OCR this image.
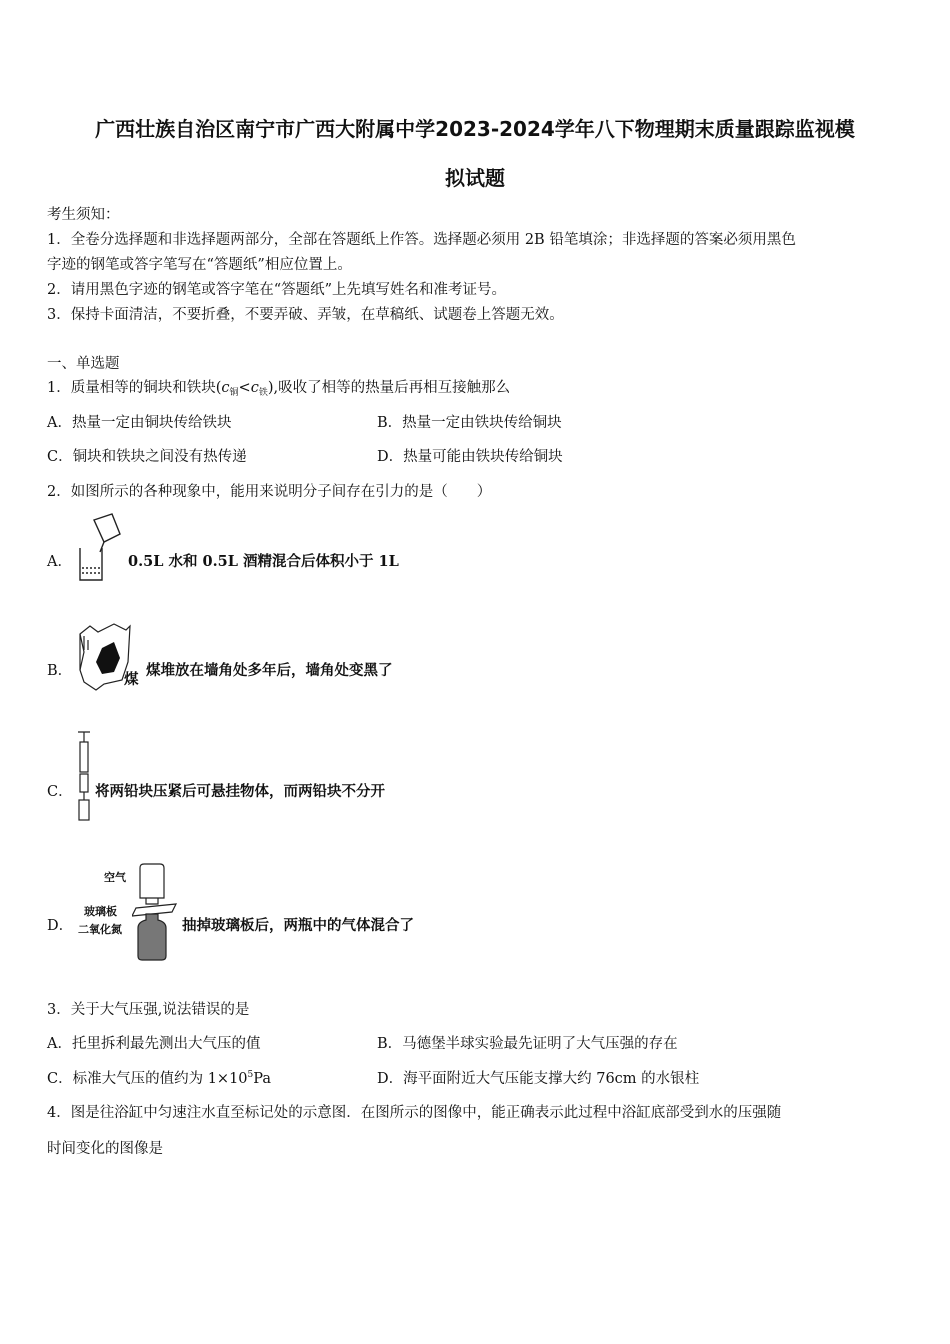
广西壮族自治区南宁市广西大附属中学2023-2024学年八下物理期末质量跟踪监视模
拟试题
考生须知：
1．全卷分选择题和非选择题两部分，全部在答题纸上作答。选择题必须用 2B 铅笔填涂；非选择题的答案必须用黑色
字迹的钢笔或答字笔写在“答题纸”相应位置上。
2．请用黑色字迹的钢笔或答字笔在“答题纸”上先填写姓名和准考证号。
3．保持卡面清洁，不要折叠，不要弄破、弄皱，在草稿纸、试题卷上答题无效。
一、单选题
1．质量相等的铜块和铁块$(c_铜<c_铁)$,吸收了相等的热量后再相互接触那么
A．热量一定由铜块传给铁块	B．热量一定由铁块传给铜块
C．铜块和铁块之间没有热传递	D．热量可能由铁块传给铜块
2．如图所示的各种现象中，能用来说明分子间存在引力的是（　　）
A．	0.5L 水和 0.5L 酒精混合后体积小于 1L
B．	煤
煤堆放在墙角处多年后，墙角处变黑了
C． 将两铅块压紧后可悬挂物体，而两铅块不分开
D．
空气
玻璃板
二氧化氮	抽掉玻璃板后，两瓶中的气体混合了
3．关于大气压强,说法错误的是
A．托里拆利最先测出大气压的值	B．马德堡半球实验最先证明了大气压强的存在
C．标准大气压的值约为 $1\times 10^5Pa$	D．海平面附近大气压能支撑大约 76cm 的水银柱
4．图是往浴缸中匀速注水直至标记处的示意图．在图所示的图像中，能正确表示此过程中浴缸底部受到水的压强随
时间变化的图像是
